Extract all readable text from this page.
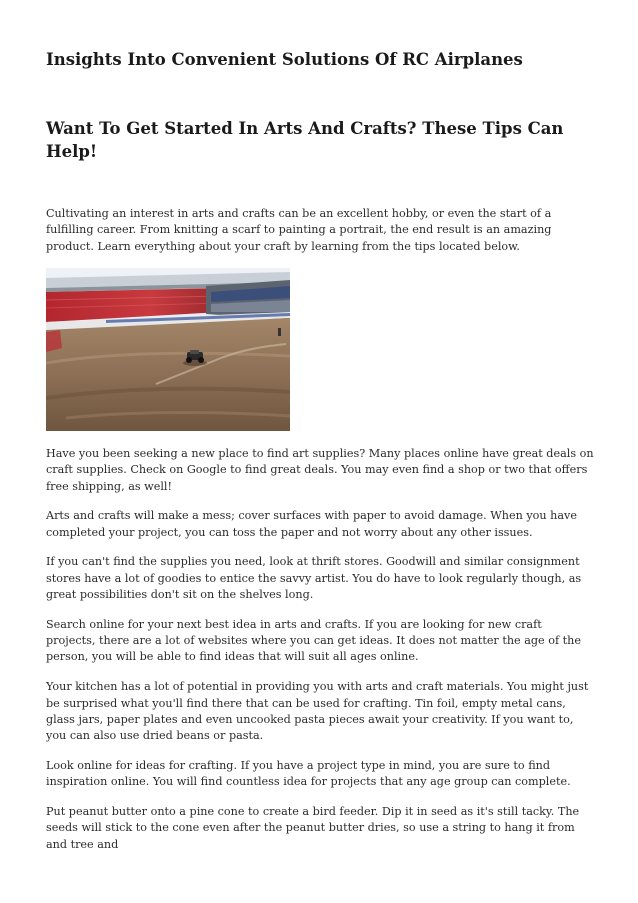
Insights Into Convenient Solutions Of RC Airplanes
Want To Get Started In Arts And Crafts? These Tips Can Help!

Cultivating an interest in arts and crafts can be an excellent hobby, or even the start of a fulfilling career. From knitting a scarf to painting a portrait, the end result is an amazing product. Learn everything about your craft by learning from the tips located below.

Have you been seeking a new place to find art supplies? Many places online have great deals on craft supplies. Check on Google to find great deals. You may even find a shop or two that offers free shipping, as well!

Arts and crafts will make a mess; cover surfaces with paper to avoid damage. When you have completed your project, you can toss the paper and not worry about any other issues.

If you can't find the supplies you need, look at thrift stores. Goodwill and similar consignment stores have a lot of goodies to entice the savvy artist. You do have to look regularly though, as great possibilities don't sit on the shelves long.

Search online for your next best idea in arts and crafts. If you are looking for new craft projects, there are a lot of websites where you can get ideas. It does not matter the age of the person, you will be able to find ideas that will suit all ages online.

Your kitchen has a lot of potential in providing you with arts and craft materials. You might just be surprised what you'll find there that can be used for crafting. Tin foil, empty metal cans, glass jars, paper plates and even uncooked pasta pieces await your creativity. If you want to, you can also use dried beans or pasta.

Look online for ideas for crafting. If you have a project type in mind, you are sure to find inspiration online. You will find countless idea for projects that any age group can complete.

Put peanut butter onto a pine cone to create a bird feeder. Dip it in seed as it's still tacky. The seeds will stick to the cone even after the peanut butter dries, so use a string to hang it from and tree and
